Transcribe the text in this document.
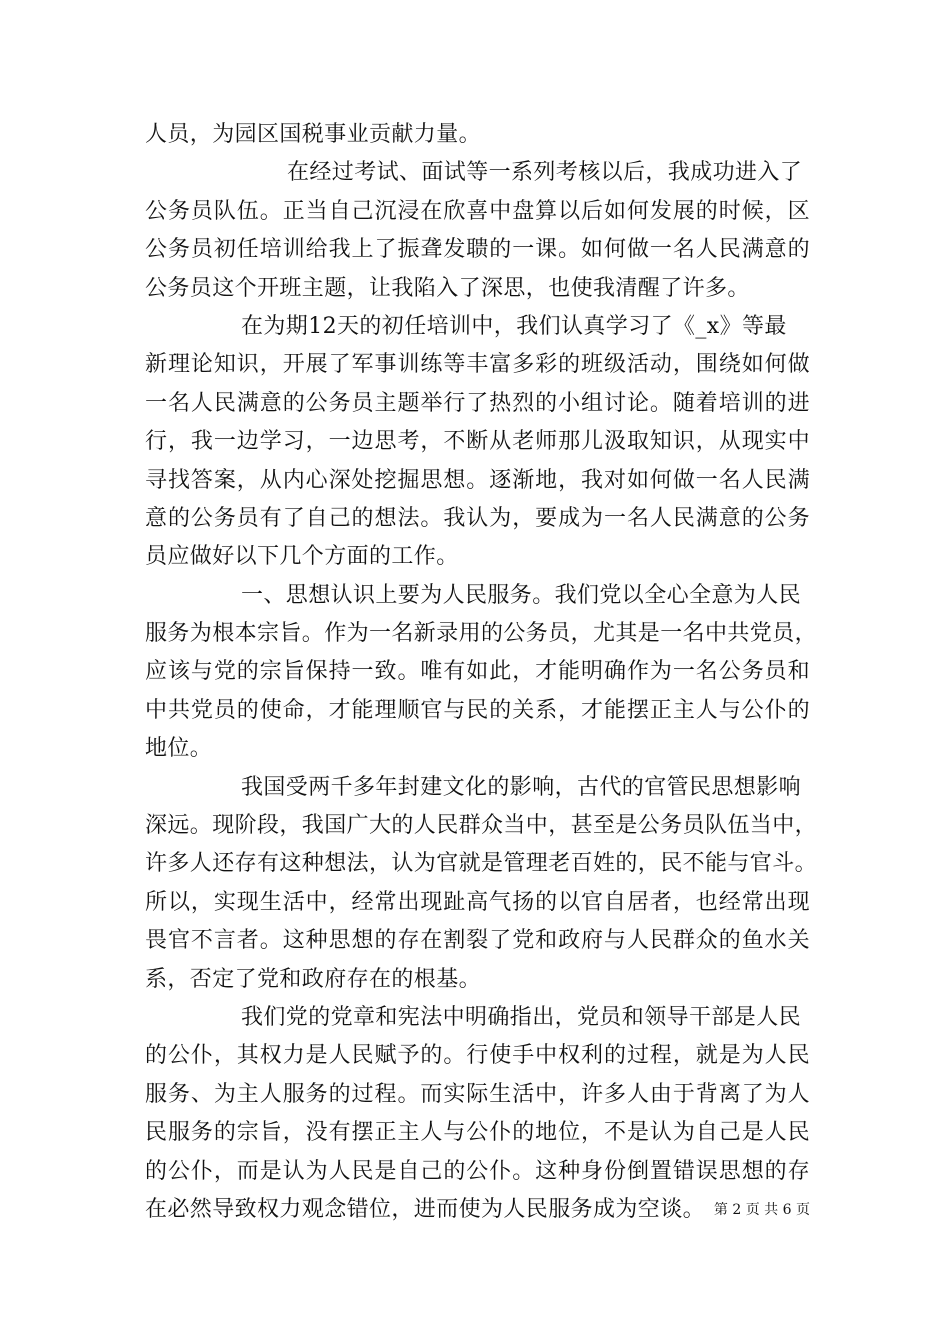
人员，为园区国税事业贡献力量。
在经过考试、面试等一系列考核以后，我成功进入了
公务员队伍。正当自己沉浸在欣喜中盘算以后如何发展的时候，区
公务员初任培训给我上了振聋发聩的一课。如何做一名人民满意的
公务员这个开班主题，让我陷入了深思，也使我清醒了许多。
在为期12天的初任培训中，我们认真学习了《_x》等最
新理论知识，开展了军事训练等丰富多彩的班级活动，围绕如何做
一名人民满意的公务员主题举行了热烈的小组讨论。随着培训的进
行，我一边学习，一边思考，不断从老师那儿汲取知识，从现实中
寻找答案，从内心深处挖掘思想。逐渐地，我对如何做一名人民满
意的公务员有了自己的想法。我认为，要成为一名人民满意的公务
员应做好以下几个方面的工作。
一、思想认识上要为人民服务。我们党以全心全意为人民
服务为根本宗旨。作为一名新录用的公务员，尤其是一名中共党员，
应该与党的宗旨保持一致。唯有如此，才能明确作为一名公务员和
中共党员的使命，才能理顺官与民的关系，才能摆正主人与公仆的
地位。
我国受两千多年封建文化的影响，古代的官管民思想影响
深远。现阶段，我国广大的人民群众当中，甚至是公务员队伍当中，
许多人还存有这种想法，认为官就是管理老百姓的，民不能与官斗。
所以，实现生活中，经常出现趾高气扬的以官自居者，也经常出现
畏官不言者。这种思想的存在割裂了党和政府与人民群众的鱼水关
系，否定了党和政府存在的根基。
我们党的党章和宪法中明确指出，党员和领导干部是人民
的公仆，其权力是人民赋予的。行使手中权利的过程，就是为人民
服务、为主人服务的过程。而实际生活中，许多人由于背离了为人
民服务的宗旨，没有摆正主人与公仆的地位，不是认为自己是人民
的公仆，而是认为人民是自己的公仆。这种身份倒置错误思想的存
在必然导致权力观念错位，进而使为人民服务成为空谈。 第 2 页 共 6 页
